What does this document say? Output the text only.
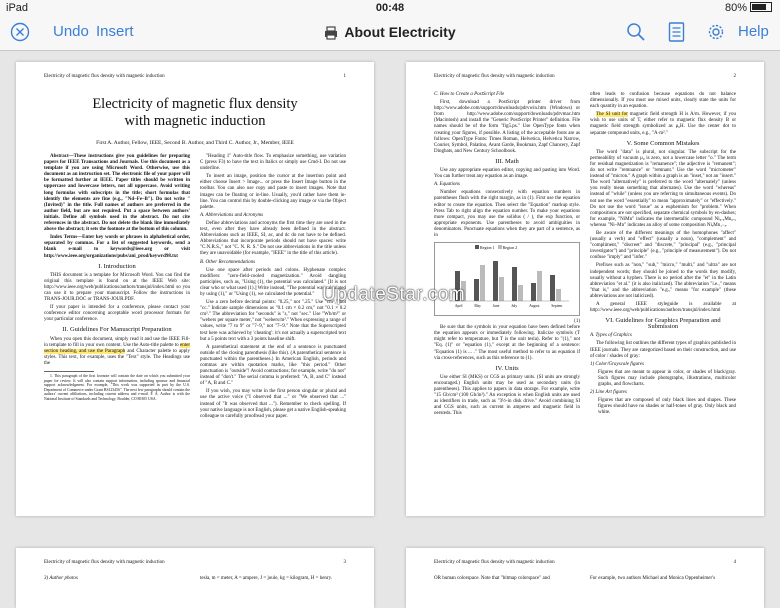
iPad	00:48	80%
Undo Insert	About Electricity	Help
Electricity of magnetic flux density with magnetic induction	1
Electricity of magnetic flux density
with magnetic induction
First A. Author, Fellow, IEEE, Second B. Author, and Third C. Author, Jr., Member, IEEE

Abstract—These instructions give you guidelines for preparing papers for IEEE Transactions and Journals. Use this document as a template if you are using Microsoft Word. Otherwise, use this document as an instruction set. The electronic file of your paper will be formatted further at IEEE. Paper titles should be written in uppercase and lowercase letters, not all uppercase. Avoid writing long formulas with subscripts in the title; short formulas that identify the elements are fine (e.g., "Nd–Fe–B"). Do not write "(Invited)" in the title. Full names of authors are preferred in the author field, but are not required. Put a space between authors' initials. Define all symbols used in the abstract. Do not cite references in the abstract. Do not delete the blank line immediately above the abstract; it sets the footnote at the bottom of this column.

Index Terms—Enter key words or phrases in alphabetical order, separated by commas. For a list of suggested keywords, send a blank e-mail to keywords@ieee.org or visit http://www.ieee.org/organizations/pubs/ani_prod/keywrd98.txt

I. Introduction

THIS document is a template for Microsoft Word. You can find the original this template is found on at the IEEE Web site: http://www.ieee.org/web/publications/authors/transjnl/index.html so you can use it to prepare your manuscript. Follow the instructions in TRANS-JOUR.DOC or TRANS-JOUR.PDF.

If your paper is intended for a conference, please contact your conference editor concerning acceptable word processor formats for your particular conference.

II. Guidelines For Manuscript Preparation

When you open this document, simply read it and use the IEEE Fill-in template to fill in your own content. Use the Auto-title palette to enter section heading, and use the Paragraph and Character palette to apply styles. This text, for example, uses the "Text" style. The Headings use the

1. This paragraph of the first footnote will contain the date on which you submitted your paper for review. It will also contain support information, including sponsor and financial support acknowledgment. For example, "This work was supported in part by the U.S. Department of Commerce under Grant BS123456". The next few paragraphs should contain the authors' current affiliations, including current address and e-mail. F. A. Author is with the National Institute of Standards and Technology, Boulder, CO 80305 USA.

"Heading 1" Auto-title flow. To emphasize something, use variation C (press F3) to have the text in Italics or simply use Cmd-I. Do not use underline.

To insert an image, position the cursor at the insertion point and either choose Insert > Image... or press the Insert Image button in the toolbar. You can also use copy and paste to insert images. Note that images can be floating or in-line. Usually, you'd rather have them in-line. You can control this by double-clicking any image or via the Object palette.

A. Abbreviations and Acronyms

Define abbreviations and acronyms the first time they are used in the text, even after they have already been defined in the abstract. Abbreviations such as IEEE, SI, ac, and dc do not have to be defined. Abbreviations that incorporate periods should not have spaces: write "C.N.R.S.," not "C. N. R. S." Do not use abbreviations in the title unless they are unavoidable (for example, "IEEE" in the title of this article).

B. Other Recommendations

Use one space after periods and colons. Hyphenate complex modifiers: "zero-field-cooled magnetization." Avoid dangling participles, such as, "Using (1), the potential was calculated." [It is not clear who or what used (1).] Write instead, "The potential was calculated by using (1)," or "Using (1), we calculated the potential."

Use a zero before decimal points: "0.25," not ".25." Use "cm³," not "cc." Indicate sample dimensions as "0.1 cm × 0.2 cm," not "0.1 × 0.2 cm²." The abbreviation for "seconds" is "s," not "sec." Use "Wb/m²" or "webers per square meter," not "webers/m²." When expressing a range of values, write "7 to 9" or "7–9," not "7~9." Note that the Superscripted text here was achieved by 'cheating': it's not actually a superscripted text but a 5 points text with a 3 points baseline shift.

A parenthetical statement at the end of a sentence is punctuated outside of the closing parenthesis (like this). (A parenthetical sentence is punctuated within the parentheses.) In American English, periods and commas are within quotation marks, like "this period." Other punctuation is "outside"! Avoid contractions; for example, write "do not" instead of "don't." The serial comma is preferred: "A, B, and C" instead of "A, B and C."

If you wish, you may write in the first person singular or plural and use the active voice ("I observed that ..." or "We observed that ..." instead of "It was observed that ..."). Remember to check spelling. If your native language is not English, please get a native English-speaking colleague to carefully proofread your paper.

Electricity of magnetic flux density with magnetic induction	2

C. How to Create a PostScript File

First, download a PostScript printer driver from http://www.adobe.com/support/downloads/pdrvwin.htm (Windows) or from http://www.adobe.com/support/downloads/pdrvmac.htm (Macintosh) and install the "Generic PostScript Printer" definition. File names should be of the form "fig5.ps." Use OpenType fonts when creating your figures, if possible. A listing of the acceptable fonts are as follows: OpenType Fonts: Times Roman, Helvetica, Helvetica Narrow, Courier, Symbol, Palatino, Avant Garde, Bookman, Zapf Chancery, Zapf Dingbats, and New Century Schoolbook.

III. Math

Use any appropriate equation editor, copying and pasting into Word. You can further treat any equation as an image.

A. Equations

Number equations consecutively with equation numbers in parentheses flush with the right margin, as in (1). First use the equation editor to create the equation. Then select the "Equation" markup style. Press Tab to right align the equation number. To make your equations more compact, you may use the solidus ( / ), the exp function, or appropriate exponents. Use parentheses to avoid ambiguities in denominators. Punctuate equations when they are part of a sentence, as in

Region 1 Region 2
April	May	June	July	August	Septem.
(1)

Be sure that the symbols in your equation have been defined before the equation appears or immediately following. Italicize symbols (T might refer to temperature, but T is the unit tesla). Refer to "(1)," not "Eq. (1)" or "equation (1)," except at the beginning of a sentence: "Equation (1) is ... ." The most useful method to refer to an equation if via cross-references, such as this reference to (1).

IV. Units

Use either SI (MKS) or CGS as primary units. (SI units are strongly encouraged.) English units may be used as secondary units (in parentheses). This applies to papers in data storage. For example, write "15 Gb/cm² (100 Gb/in²)." An exception is when English units are used as identifiers in trade, such as "3½-in disk drive." Avoid combining SI and CGS units, such as current in amperes and magnetic field in oersteds. This

often leads to confusion because equations do not balance dimensionally. If you must use mixed units, clearly state the units for each quantity in an equation.

The SI unit for magnetic field strength H is A/m. However, if you wish to use units of T, either refer to magnetic flux density B or magnetic field strength symbolized as μ₀H. Use the center dot to separate compound units, e.g., "A·m²."

V. Some Common Mistakes

The word "data" is plural, not singular. The subscript for the permeability of vacuum μ₀ is zero, not a lowercase letter "o." The term for residual magnetization is "remanence"; the adjective is "remanent"; do not write "remnance" or "remnant." Use the word "micrometer" instead of "micron." A graph within a graph is an "inset," not an "insert." The word "alternatively" is preferred to the word "alternately" (unless you really mean something that alternates). Use the word "whereas" instead of "while" (unless you are referring to simultaneous events). Do not use the word "essentially" to mean "approximately" or "effectively." Do not use the word "issue" as a euphemism for "problem." When compositions are not specified, separate chemical symbols by en-dashes; for example, "NiMn" indicates the intermetallic compound Ni₀.₅Mn₀.₅ whereas "Ni–Mn" indicates an alloy of some composition NiₓMn₁₋ₓ.

Be aware of the different meanings of the homophones "affect" (usually a verb) and "effect" (usually a noun), "complement" and "compliment," "discreet" and "discrete," "principal" (e.g., "principal investigator") and "principle" (e.g., "principle of measurement"). Do not confuse "imply" and "infer."

Prefixes such as "non," "sub," "micro," "multi," and "ultra" are not independent words; they should be joined to the words they modify, usually without a hyphen. There is no period after the "et" in the Latin abbreviation "et al." (it is also italicized). The abbreviation "i.e.," means "that is," and the abbreviation "e.g.," means "for example" (these abbreviations are not italicized).

A general IEEE styleguide is available at http://www.ieee.org/web/publications/authors/transjnl/index.html

VI. Guidelines for Graphics Preparation and Submission

A. Types of Graphics

The following list outlines the different types of graphics published in IEEE journals. They are categorized based on their construction, and use of color / shades of gray:

1) Color/Grayscale figures

Figures that are meant to appear in color, or shades of black/gray. Such figures may include photographs, illustrations, multicolor graphs, and flowcharts.

2) Line Art figures

Figures that are composed of only black lines and shapes. These figures should have no shades or half-tones of gray. Only black and white.

Electricity of magnetic flux density with magnetic induction	3
3) Author photos	tesla, m = meter, A = ampere, J = joule, kg = kilogram, H = henry.
Electricity of magnetic flux density with magnetic induction	4
OR human colorspace. Note that "bitmap colorspace" and	For example, two authors Michael and Monica Oppenheimer's
UpdateStar.com
